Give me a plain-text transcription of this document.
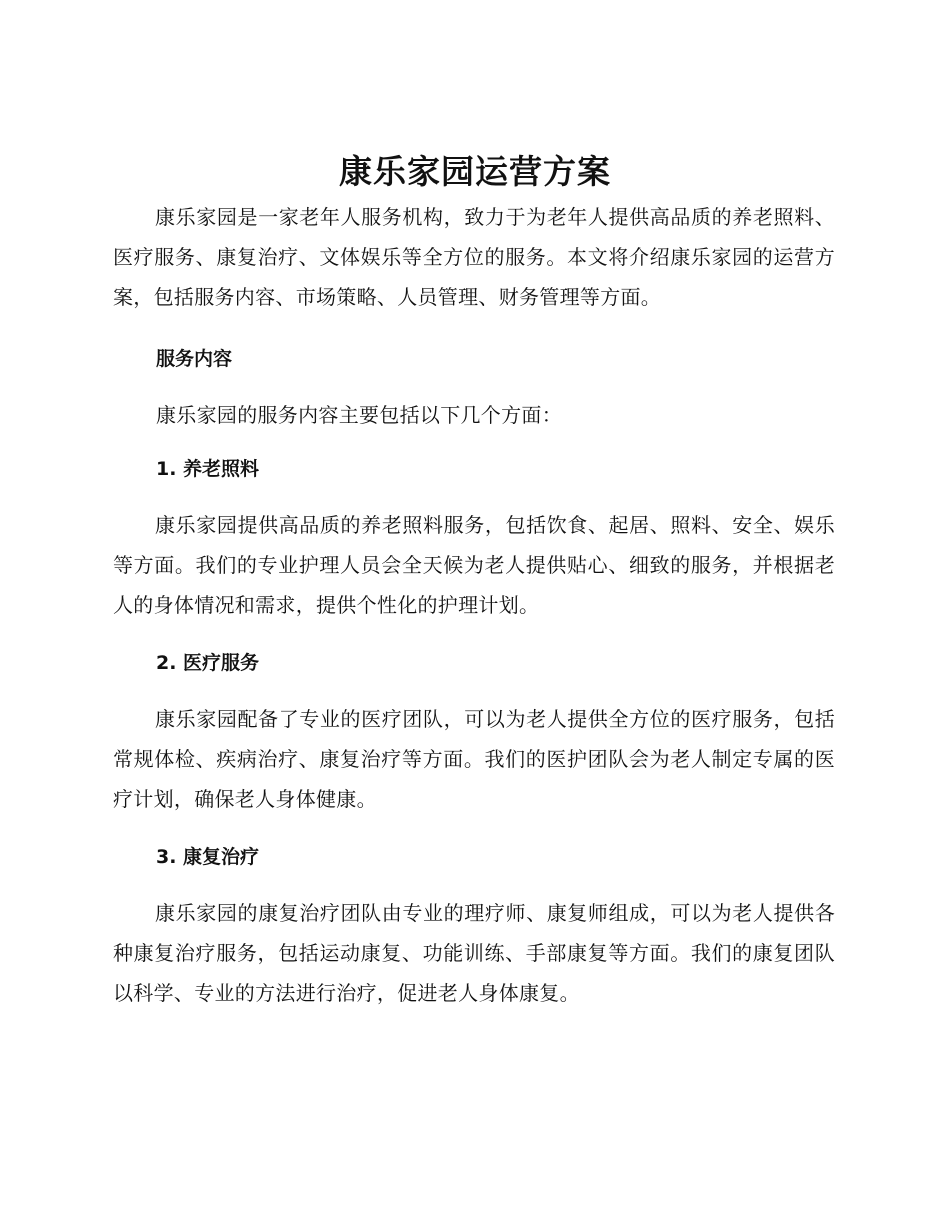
康乐家园运营方案

康乐家园是一家老年人服务机构，致力于为老年人提供高品质的养老照料、医疗服务、康复治疗、文体娱乐等全方位的服务。本文将介绍康乐家园的运营方案，包括服务内容、市场策略、人员管理、财务管理等方面。

服务内容

康乐家园的服务内容主要包括以下几个方面：

1. 养老照料

康乐家园提供高品质的养老照料服务，包括饮食、起居、照料、安全、娱乐等方面。我们的专业护理人员会全天候为老人提供贴心、细致的服务，并根据老人的身体情况和需求，提供个性化的护理计划。

2. 医疗服务

康乐家园配备了专业的医疗团队，可以为老人提供全方位的医疗服务，包括常规体检、疾病治疗、康复治疗等方面。我们的医护团队会为老人制定专属的医疗计划，确保老人身体健康。

3. 康复治疗

康乐家园的康复治疗团队由专业的理疗师、康复师组成，可以为老人提供各种康复治疗服务，包括运动康复、功能训练、手部康复等方面。我们的康复团队以科学、专业的方法进行治疗，促进老人身体康复。
